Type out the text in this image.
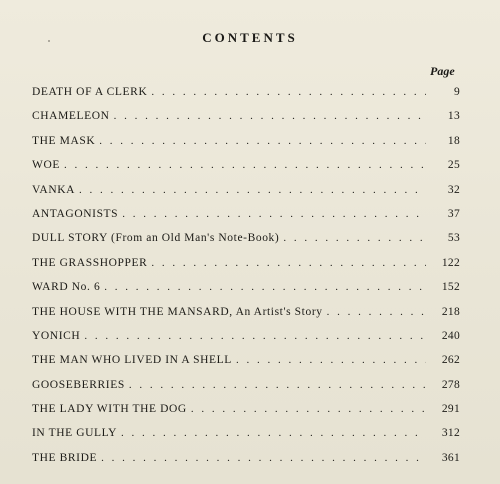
CONTENTS
Page
DEATH OF A CLERK . . .	9
CHAMELEON . . .	13
THE MASK . . .	18
WOE . . .	25
VANKA . . .	32
ANTAGONISTS . . .	37
DULL STORY (From an Old Man's Note-Book) . . .	53
THE GRASSHOPPER . . .	122
WARD No. 6 . . .	152
THE HOUSE WITH THE MANSARD, An Artist's Story . . .	218
YONICH . . .	240
THE MAN WHO LIVED IN A SHELL . . .	262
GOOSEBERRIES . . .	278
THE LADY WITH THE DOG . . .	291
IN THE GULLY . . .	312
THE BRIDE . . .	361
